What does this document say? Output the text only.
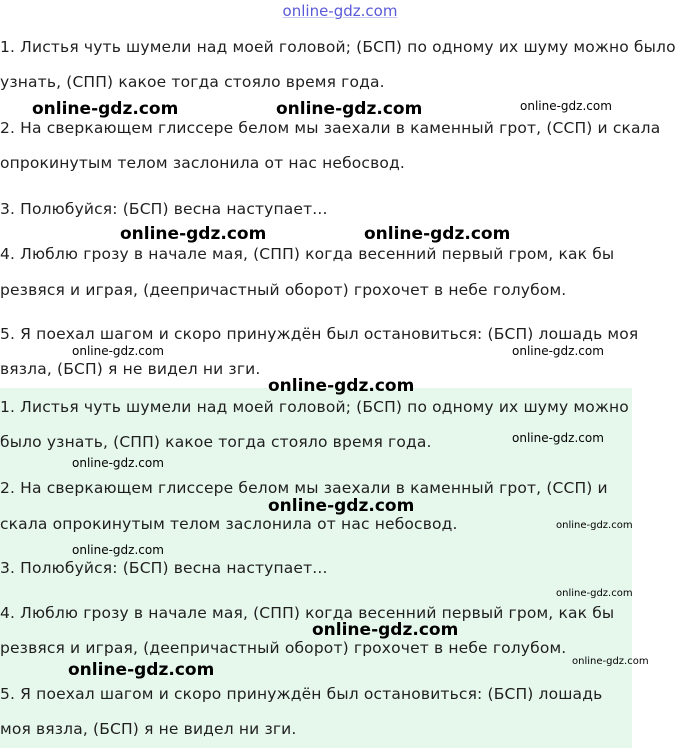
online-gdz.com
1. Листья чуть шумели над моей головой; (БСП) по одному их шуму можно было
узнать, (СПП) какое тогда стояло время года.
2. На сверкающем глиссере белом мы заехали в каменный грот, (ССП) и скала
опрокинутым телом заслонила от нас небосвод.
3. Полюбуйся: (БСП) весна наступает...
4. Люблю грозу в начале мая, (СПП) когда весенний первый гром, как бы
резвяся и играя, (деепричастный оборот) грохочет в небе голубом.
5. Я поехал шагом и скоро принуждён был остановиться: (БСП) лошадь моя
вязла, (БСП) я не видел ни зги.
1. Листья чуть шумели над моей головой; (БСП) по одному их шуму можно
было узнать, (СПП) какое тогда стояло время года.
2. На сверкающем глиссере белом мы заехали в каменный грот, (ССП) и
скала опрокинутым телом заслонила от нас небосвод.
3. Полюбуйся: (БСП) весна наступает...
4. Люблю грозу в начале мая, (СПП) когда весенний первый гром, как бы
резвяся и играя, (деепричастный оборот) грохочет в небе голубом.
5. Я поехал шагом и скоро принуждён был остановиться: (БСП) лошадь
моя вязла, (БСП) я не видел ни зги.
online-gdz.com	online-gdz.com	online-gdz.com
online-gdz.com	online-gdz.com
online-gdz.com	online-gdz.com
online-gdz.com
online-gdz.com
online-gdz.com
online-gdz.com
online-gdz.com
online-gdz.com
online-gdz.com
online-gdz.com
online-gdz.com
online-gdz.com
